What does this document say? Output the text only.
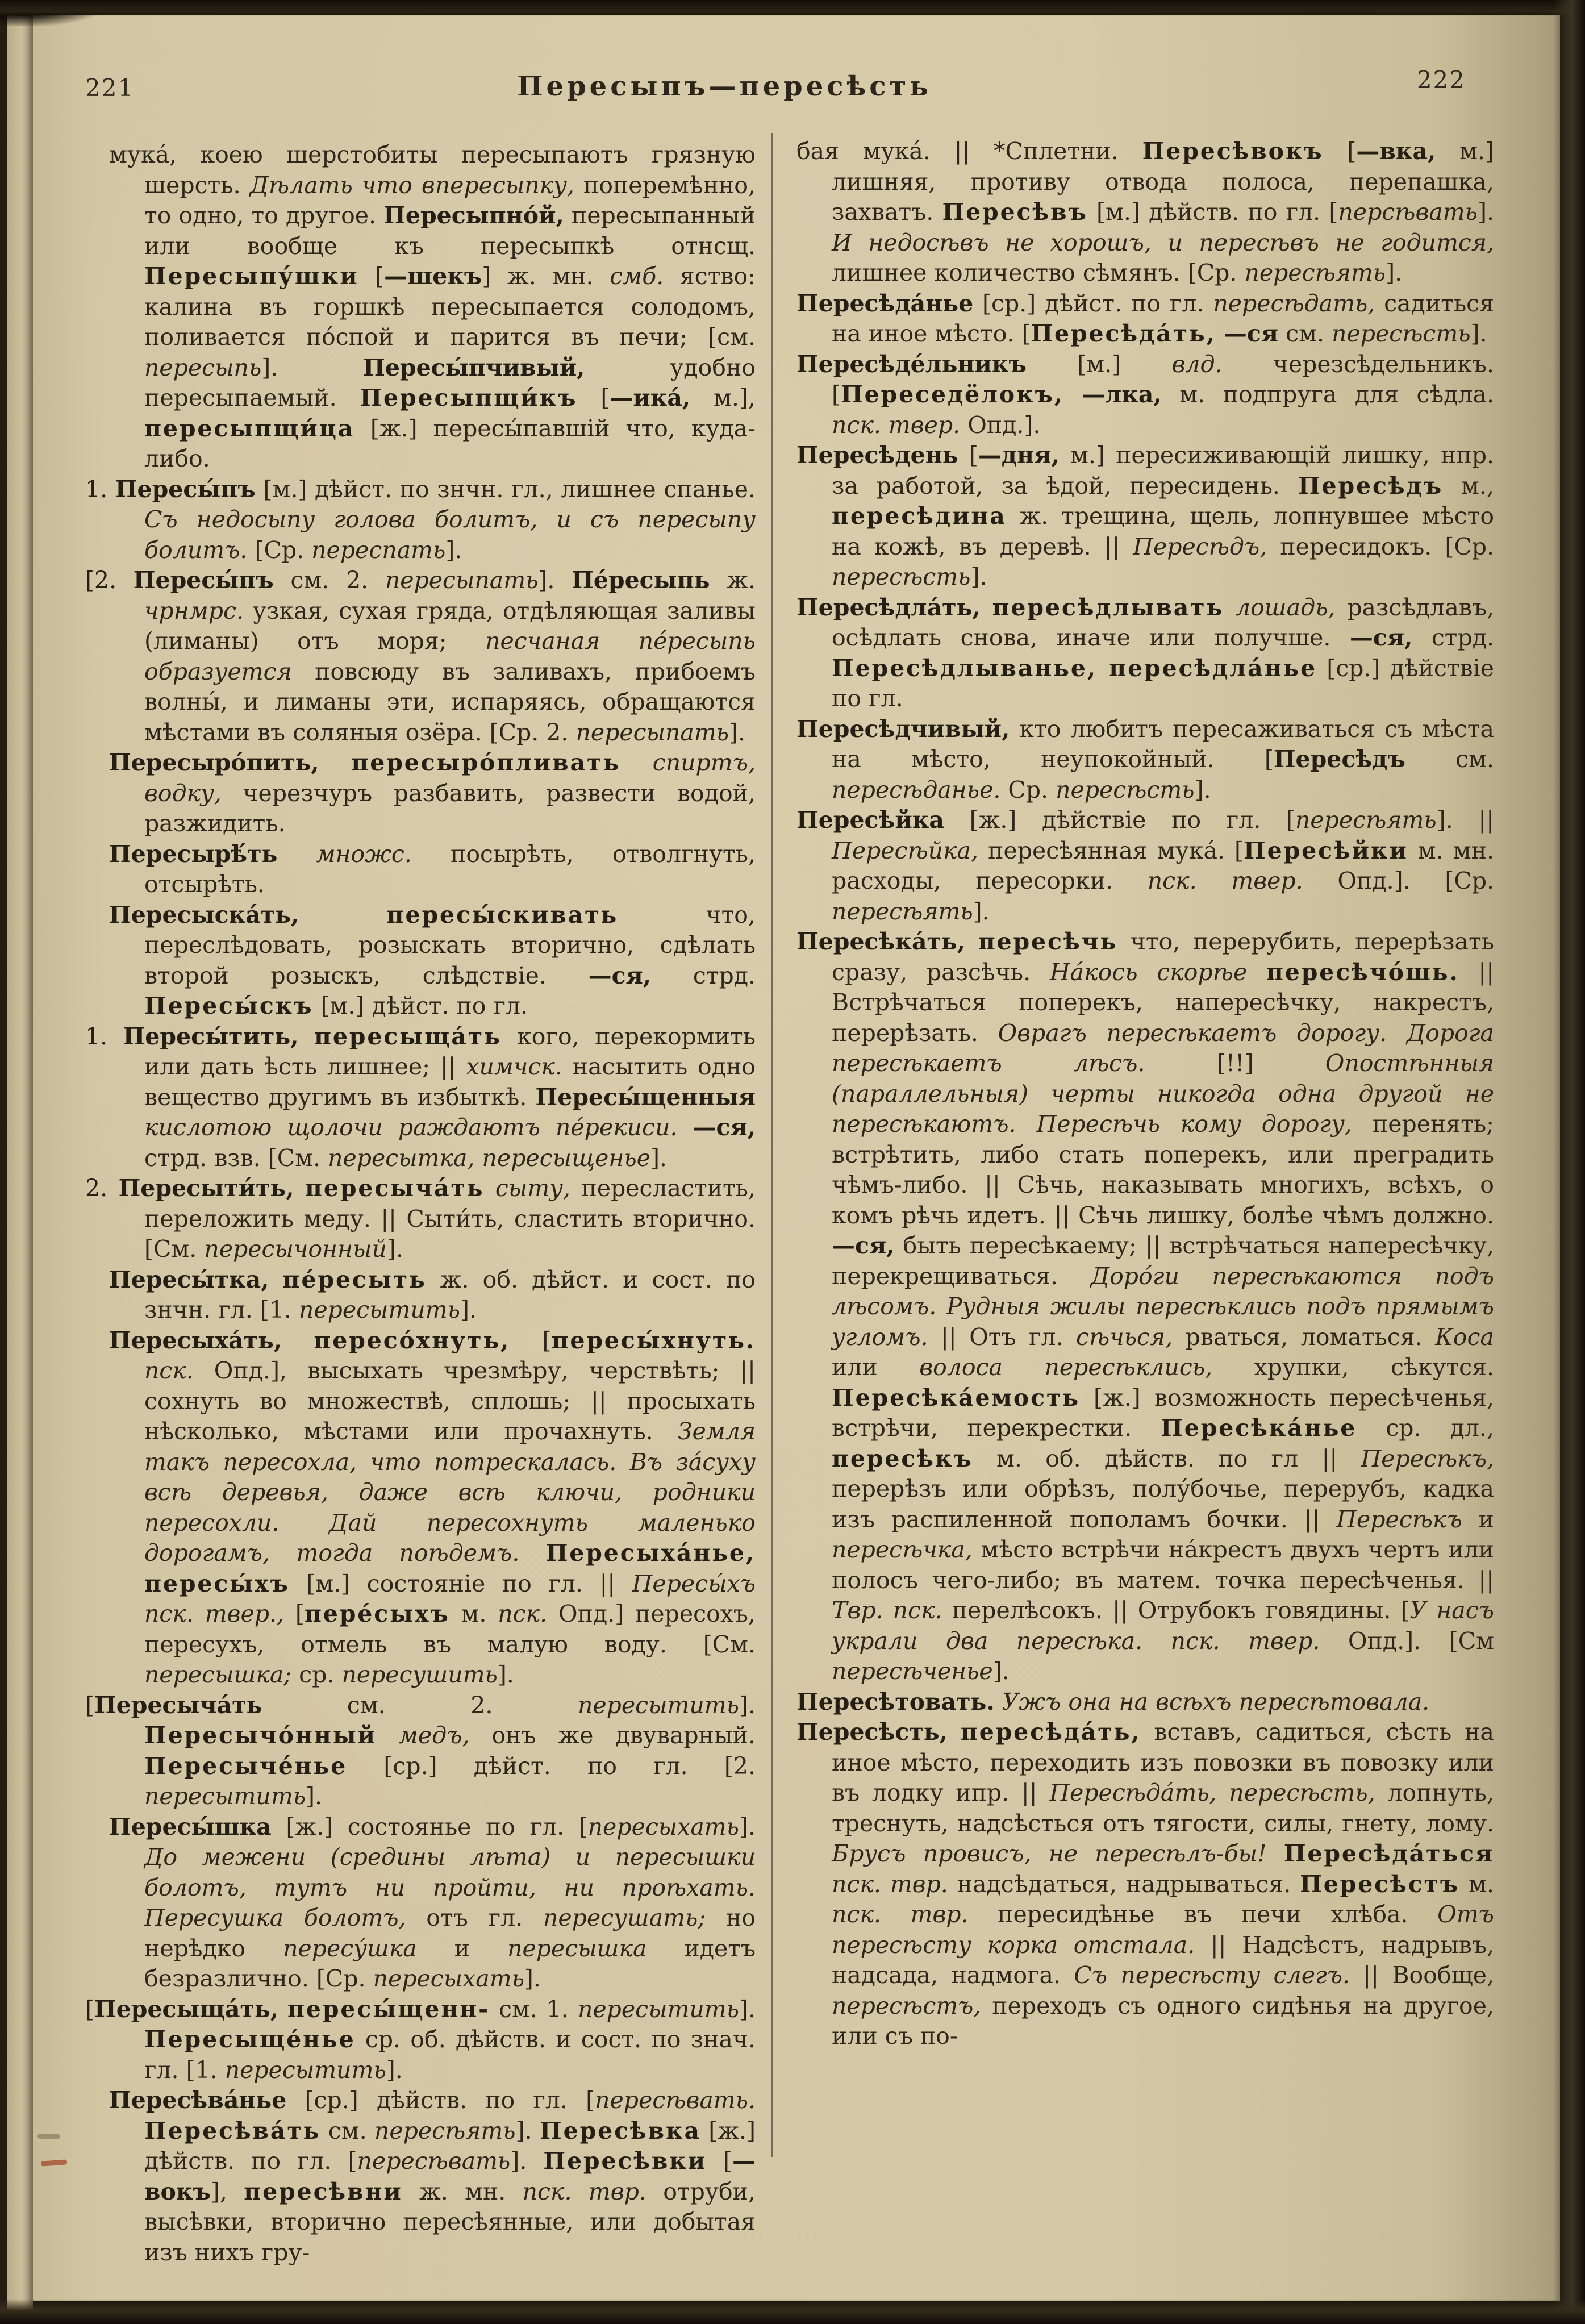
221	Пересыпъ—пересѣсть	222

мука́, коею шерстобиты пересыпаютъ грязную шерсть. Дѣлать что впересыпку, поперемѣнно, то одно, то другое. Пересыпно́й, пересыпанный или вообще къ пересыпкѣ отнсщ. Пересыпу́шки [—шекъ] ж. мн. смб. яство: калина въ горшкѣ пересыпается солодомъ, поливается по́спой и парится въ печи; [см. пересыпь]. Пересы́пчивый, удобно пересыпаемый. Пересыпщи́къ [—ика́, м.], пересыпщи́ца [ж.] пересы́павшій что, куда-либо.

1. Пересы́пъ [м.] дѣйст. по знчн. гл., лишнее спанье. Съ недосыпу голова болитъ, и съ пересыпу болитъ. [Ср. переспать].

[2. Пересы́пъ см. 2. пересыпать]. Пе́ресыпь ж. чрнмрс. узкая, сухая гряда, отдѣляющая заливы (лиманы) отъ моря; песчаная пе́ресыпь образуется повсюду въ заливахъ, прибоемъ волны́, и лиманы эти, испаряясь, обращаются мѣстами въ соляныя озёра. [Ср. 2. пересыпать].

Пересыро́пить, пересыро́пливать спиртъ, водку, черезчуръ разбавить, развести водой, разжидить.

Пересырѣ́ть множс. посырѣть, отволгнуть, отсырѣть.

Пересыска́ть,	пересы́скивать что, переслѣдовать, розыскать вторично, сдѣлать второй розыскъ, слѣдствіе. —ся, стрд. Пересы́скъ [м.] дѣйст. по гл.

1. Пересы́тить, пересыща́ть кого, перекормить или дать ѣсть лишнее; || химчск. насытить одно вещество другимъ въ избыткѣ. Пересы́щенныя кислотою щолочи раждаютъ пе́рекиси. —ся, стрд. взв. [См. пересытка, пересыщенье].

2. Пересыти́ть, пересыча́ть сыту, пересластить, переложить меду. || Сыти́ть, сластить вторично. [См. пересычонный].

Пересы́тка, пе́ресыть ж. об. дѣйст. и сост. по знчн. гл. [1. пересытить].

Пересыха́ть, пересо́хнуть, [пересы́хнуть. пск. Опд.], высыхать чрезмѣру, черствѣть; || сохнуть во множествѣ, сплошь; || просыхать нѣсколько, мѣстами или прочахнуть. Земля такъ пересохла, что потрескалась. Въ за́суху всѣ деревья, даже всѣ ключи, родники пересохли. Дай пересохнуть маленько дорогамъ, тогда поѣдемъ. Пересыха́нье, пересы́хъ [м.] состояніе по гл. || Пересы́хъ пск. твер., [пере́сыхъ м. пск. Опд.] пересохъ, пересухъ, отмель въ малую воду. [См. пересышка; ср. пересушить].

[Пересыча́ть см. 2. пересытить]. Пересычо́нный медъ, онъ же двуварный. Пересыче́нье [ср.] дѣйст. по гл. [2. пересытить].

Пересы́шка [ж.] состоянье по гл. [пересыхать]. До межени (средины лѣта) и пересышки болотъ, тутъ ни пройти, ни проѣхать. Пересушка болотъ, отъ гл. пересушать; но нерѣдко пересу́шка и пересышка идетъ безразлично. [Ср. пересыхать].

[Пересыща́ть, пересы́щенн- см. 1. пересытить]. Пересыще́нье ср. об. дѣйств. и сост. по знач. гл. [1. пересытить].

Пересѣва́нье [ср.] дѣйств. по гл. [пересѣвать. Пересѣва́ть см. пересѣять]. Пересѣвка [ж.] дѣйств. по гл. [пересѣвать]. Пересѣвки [—вокъ], пересѣвни ж. мн. пск. твр. отруби, высѣвки, вторично пересѣянные, или добытая изъ нихъ гру-

бая мука́. || *Сплетни. Пересѣвокъ [—вка, м.] лишняя, противу отвода полоса, перепашка, захватъ. Пересѣвъ [м.] дѣйств. по гл. [персѣвать]. И недосѣвъ не хорошъ, и пересѣвъ не годится, лишнее количество сѣмянъ. [Ср. пересѣять].

Пересѣда́нье [ср.] дѣйст. по гл. пересѣдать, садиться на иное мѣсто. [Пересѣда́ть, —ся см. пересѣсть].

Пересѣде́льникъ [м.] влд. черезсѣдельникъ. [Переседёлокъ, —лка, м. подпруга для сѣдла. пск. твер. Опд.].

Пересѣдень [—дня, м.] пересиживающій лишку, нпр. за работой, за ѣдой, пересидень. Пересѣдъ м., пересѣдина ж. трещина, щель, лопнувшее мѣсто на кожѣ, въ деревѣ. || Пересѣдъ, пересидокъ. [Ср. пересѣсть].

Пересѣдла́ть, пересѣдлывать лошадь, разсѣдлавъ, осѣдлать снова, иначе или получше. —ся, стрд. Пересѣдлыванье, пересѣдла́нье [ср.] дѣйствіе по гл.

Пересѣдчивый, кто любитъ пересаживаться съ мѣста на мѣсто, неупокойный. [Пересѣдъ см. пересѣданье. Ср. пересѣсть].

Пересѣйка [ж.] дѣйствіе по гл. [пересѣять]. || Пересѣйка, пересѣянная мука́. [Пересѣйки м. мн. расходы, пересорки. пск. твер. Опд.]. [Ср. пересѣять].

Пересѣка́ть, пересѣчь что, перерубить, перерѣзать сразу, разсѣчь. На́кось скорѣе пересѣчо́шь. || Встрѣчаться поперекъ, напересѣчку, накрестъ, перерѣзать. Оврагъ пересѣкаетъ дорогу. Дорога пересѣкаетъ лѣсъ. [!!] Опостѣнныя (параллельныя) черты никогда одна другой не пересѣкаютъ. Пересѣчь кому дорогу, перенять; встрѣтить, либо стать поперекъ, или преградить чѣмъ-либо. || Сѣчь, наказывать многихъ, всѣхъ, о комъ рѣчь идетъ. || Сѣчь лишку, болѣе чѣмъ должно. —ся, быть пересѣкаему; || встрѣчаться напересѣчку, перекрещиваться. Доро́ги пересѣкаются подъ лѣсомъ. Рудныя жилы пересѣклись подъ прямымъ угломъ. || Отъ гл. сѣчься, рваться, ломаться. Коса или волоса пересѣклись, хрупки, сѣкутся. Пересѣка́емость [ж.] возможность пересѣченья, встрѣчи, перекрестки. Пересѣка́нье ср. дл., пересѣкъ м. об. дѣйств. по гл || Пересѣкъ, перерѣзъ или обрѣзъ, полу́бочье, перерубъ, кадка изъ распиленной пополамъ бочки. || Пересѣкъ и пересѣчка, мѣсто встрѣчи на́крестъ двухъ чертъ или полосъ чего-либо; въ матем. точка пересѣченья. || Твр. пск. перелѣсокъ. || Отрубокъ говядины. [У насъ украли два пересѣка. пск. твер. Опд.]. [См пересѣченье].

Пересѣтовать. Ужъ она на всѣхъ пересѣтовала.

Пересѣсть, пересѣда́ть, вставъ, садиться, сѣсть на иное мѣсто, переходить изъ повозки въ повозку или въ лодку ипр. || Пересѣда́ть, пересѣсть, лопнуть, треснуть, надсѣсться отъ тягости, силы, гнету, лому. Брусъ провисъ, не пересѣлъ-бы! Пересѣда́ться пск. твр. надсѣдаться, надрываться. Пересѣстъ м. пск. твр. пересидѣнье въ печи хлѣба. Отъ пересѣсту корка отстала. || Надсѣстъ, надрывъ, надсада, надмога. Съ пересѣсту слегъ. || Вообще, пересѣстъ, переходъ съ одного сидѣнья на другое, или съ по-
